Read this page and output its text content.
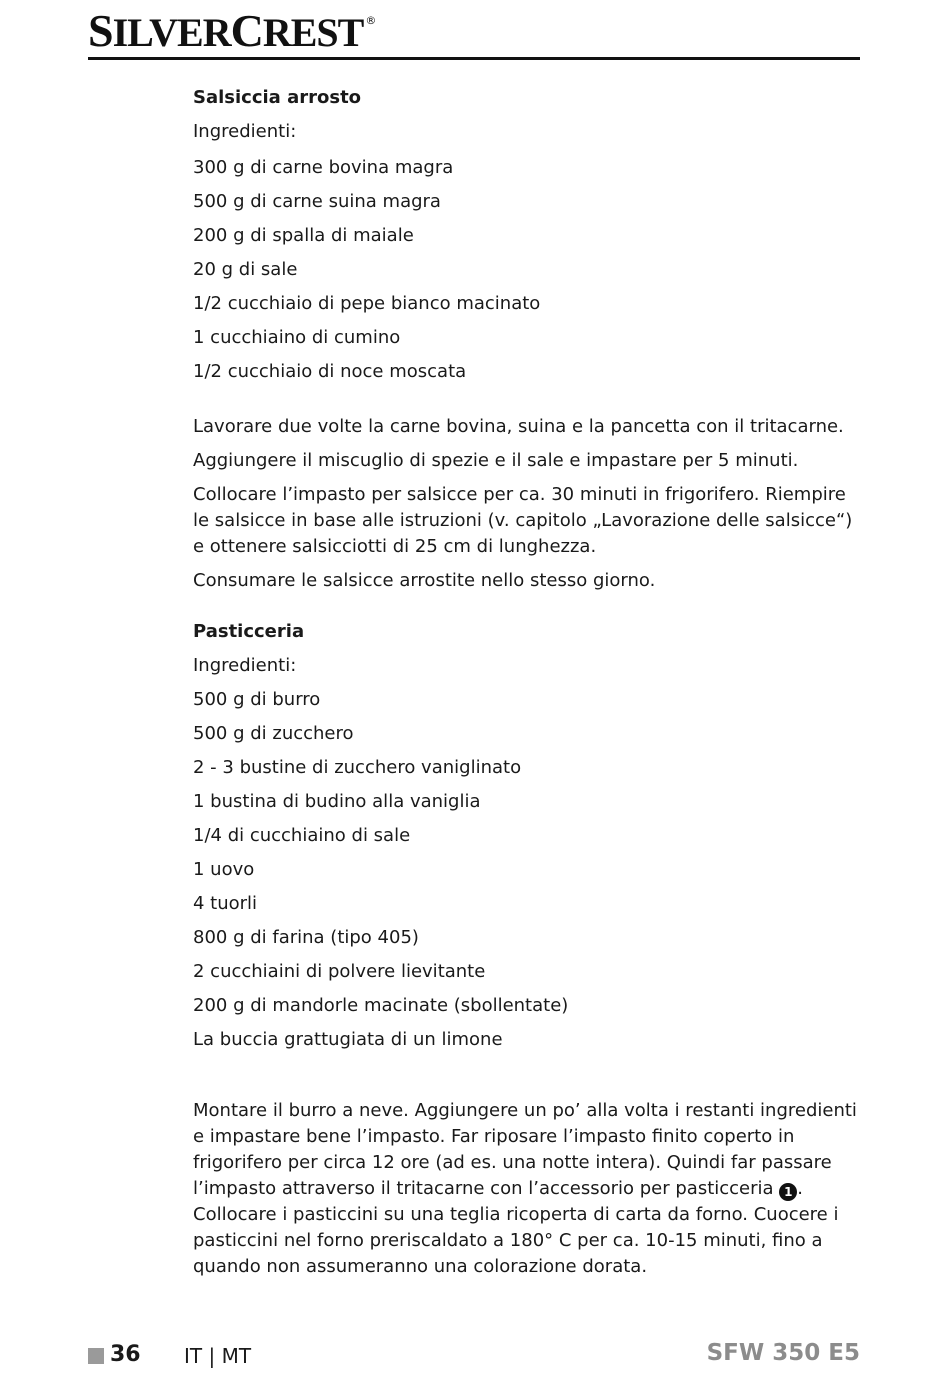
SILVERCREST ®
Salsiccia arrosto
Ingredienti:
300 g di carne bovina magra
500 g di carne suina magra
200 g di spalla di maiale
20 g di sale
1/2 cucchiaio di pepe bianco macinato
1 cucchiaino di cumino
1/2 cucchiaio di noce moscata
Lavorare due volte la carne bovina, suina e la pancetta con il tritacarne.
Aggiungere il miscuglio di spezie e il sale e impastare per 5 minuti.
Collocare l’impasto per salsicce per ca. 30 minuti in frigorifero. Riempire le salsicce in base alle istruzioni (v. capitolo „Lavorazione delle salsicce“) e ottenere salsicciotti di 25 cm di lunghezza.
Consumare le salsicce arrostite nello stesso giorno.
Pasticceria
Ingredienti:
500 g di burro
500 g di zucchero
2 - 3 bustine di zucchero vaniglinato
1 bustina di budino alla vaniglia
1/4 di cucchiaino di sale
1 uovo
4 tuorli
800 g di farina (tipo 405)
2 cucchiaini di polvere lievitante
200 g di mandorle macinate (sbollentate)
La buccia grattugiata di un limone
Montare il burro a neve. Aggiungere un po’ alla volta i restanti ingredienti e impastare bene l’impasto. Far riposare l’impasto finito coperto in frigorifero per circa 12 ore (ad es. una notte intera). Quindi far passare l’impasto attraverso il tritacarne con l’accessorio per pasticceria 1 . Collocare i pasticcini su una teglia ricoperta di carta da forno. Cuocere i pasticcini nel forno preriscaldato a 180° C per ca. 10-15 minuti, fino a quando non assumeranno una colorazione dorata.
36 IT | MT	SFW 350 E5
